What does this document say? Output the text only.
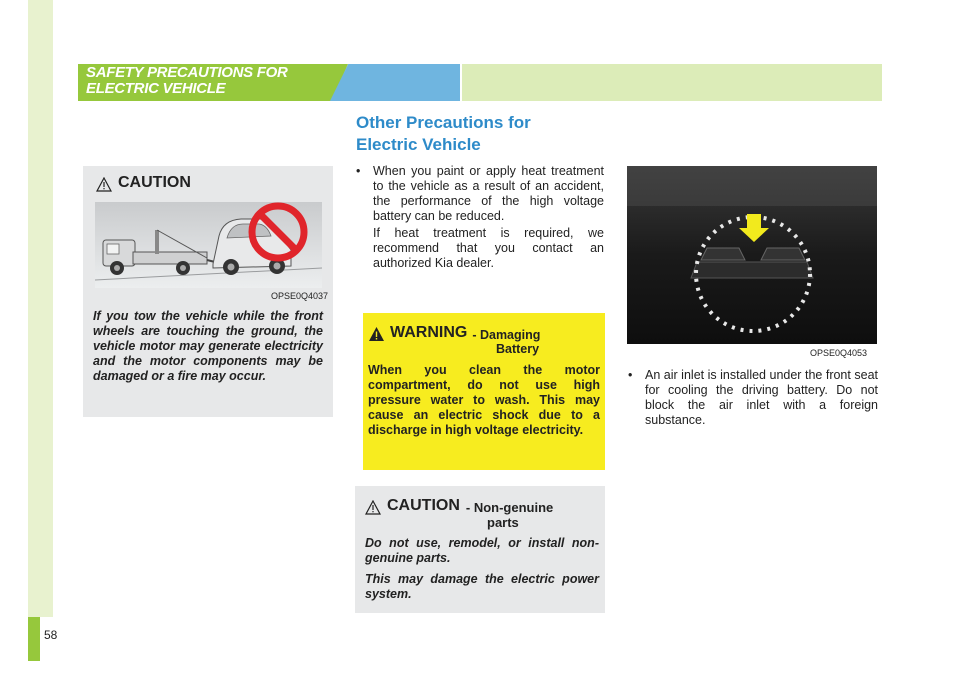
58
SAFETY PRECAUTIONS FOR
ELECTRIC VEHICLE
Other Precautions for
Electric Vehicle
CAUTION
OPSE0Q4037
If you tow the vehicle while the front wheels are touching the ground, the vehicle motor may generate electricity and the motor components may be damaged or a fire may occur.
•	When you paint or apply heat treatment to the vehicle as a result of an accident, the performance of the high voltage battery can be reduced.
If heat treatment is required, we recommend that you contact an authorized Kia dealer.
WARNING - Damaging
Battery
When you clean the motor compartment, do not use high pressure water to wash. This may cause an electric shock due to a discharge in high voltage electricity.
CAUTION - Non-genuine
parts
Do not use, remodel, or install non-genuine parts.
This may damage the electric power system.
OPSE0Q4053
•	An air inlet is installed under the front seat for cooling the driving battery. Do not block the air inlet with a foreign substance.
